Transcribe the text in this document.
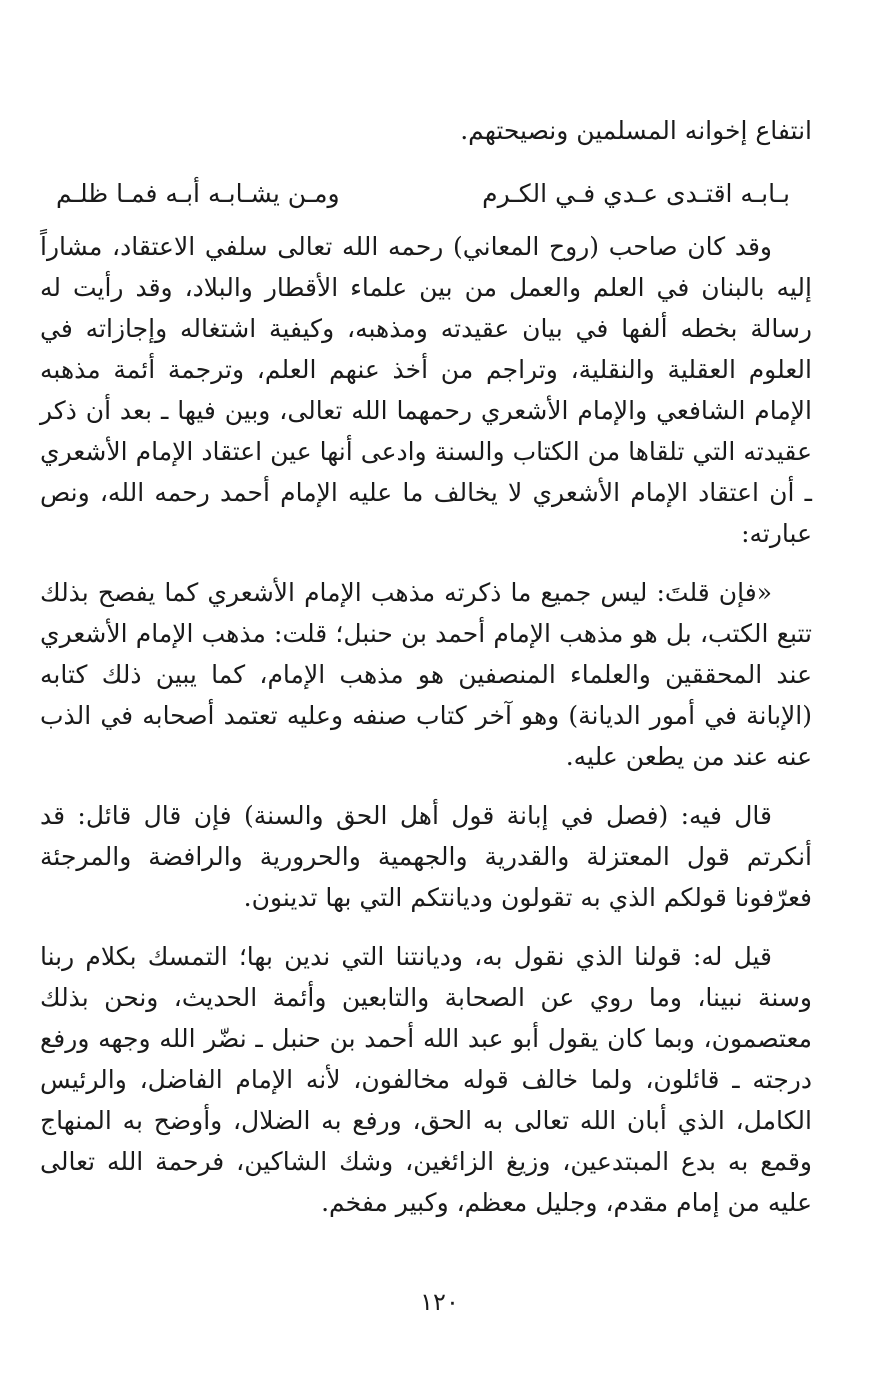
انتفاع إخوانه المسلمين ونصيحتهم.

بـابـه اقتـدى عـدي فـي الكـرم
ومـن يشـابـه أبـه فمـا ظلـم

وقد كان صاحب (روح المعاني) رحمه الله تعالى سلفي الاعتقاد، مشاراً إليه بالبنان في العلم والعمل من بين علماء الأقطار والبلاد، وقد رأيت له رسالة بخطه ألفها في بيان عقيدته ومذهبه، وكيفية اشتغاله وإجازاته في العلوم العقلية والنقلية، وتراجم من أخذ عنهم العلم، وترجمة أئمة مذهبه الإمام الشافعي والإمام الأشعري رحمهما الله تعالى، وبين فيها ـ بعد أن ذكر عقيدته التي تلقاها من الكتاب والسنة وادعى أنها عين اعتقاد الإمام الأشعري ـ أن اعتقاد الإمام الأشعري لا يخالف ما عليه الإمام أحمد رحمه الله، ونص عبارته:

«فإن قلتَ: ليس جميع ما ذكرته مذهب الإمام الأشعري كما يفصح بذلك تتبع الكتب، بل هو مذهب الإمام أحمد بن حنبل؛ قلت: مذهب الإمام الأشعري عند المحققين والعلماء المنصفين هو مذهب الإمام، كما يبين ذلك كتابه (الإبانة في أمور الديانة) وهو آخر كتاب صنفه وعليه تعتمد أصحابه في الذب عنه عند من يطعن عليه.

قال فيه: (فصل في إبانة قول أهل الحق والسنة) فإن قال قائل: قد أنكرتم قول المعتزلة والقدرية والجهمية والحرورية والرافضة والمرجئة فعرّفونا قولكم الذي به تقولون وديانتكم التي بها تدينون.

قيل له: قولنا الذي نقول به، وديانتنا التي ندين بها؛ التمسك بكلام ربنا وسنة نبينا، وما روي عن الصحابة والتابعين وأئمة الحديث، ونحن بذلك معتصمون، وبما كان يقول أبو عبد الله أحمد بن حنبل ـ نضّر الله وجهه ورفع درجته ـ قائلون، ولما خالف قوله مخالفون، لأنه الإمام الفاضل، والرئيس الكامل، الذي أبان الله تعالى به الحق، ورفع به الضلال، وأوضح به المنهاج وقمع به بدع المبتدعين، وزيغ الزائغين، وشك الشاكين، فرحمة الله تعالى عليه من إمام مقدم، وجليل معظم، وكبير مفخم.

١٢٠
